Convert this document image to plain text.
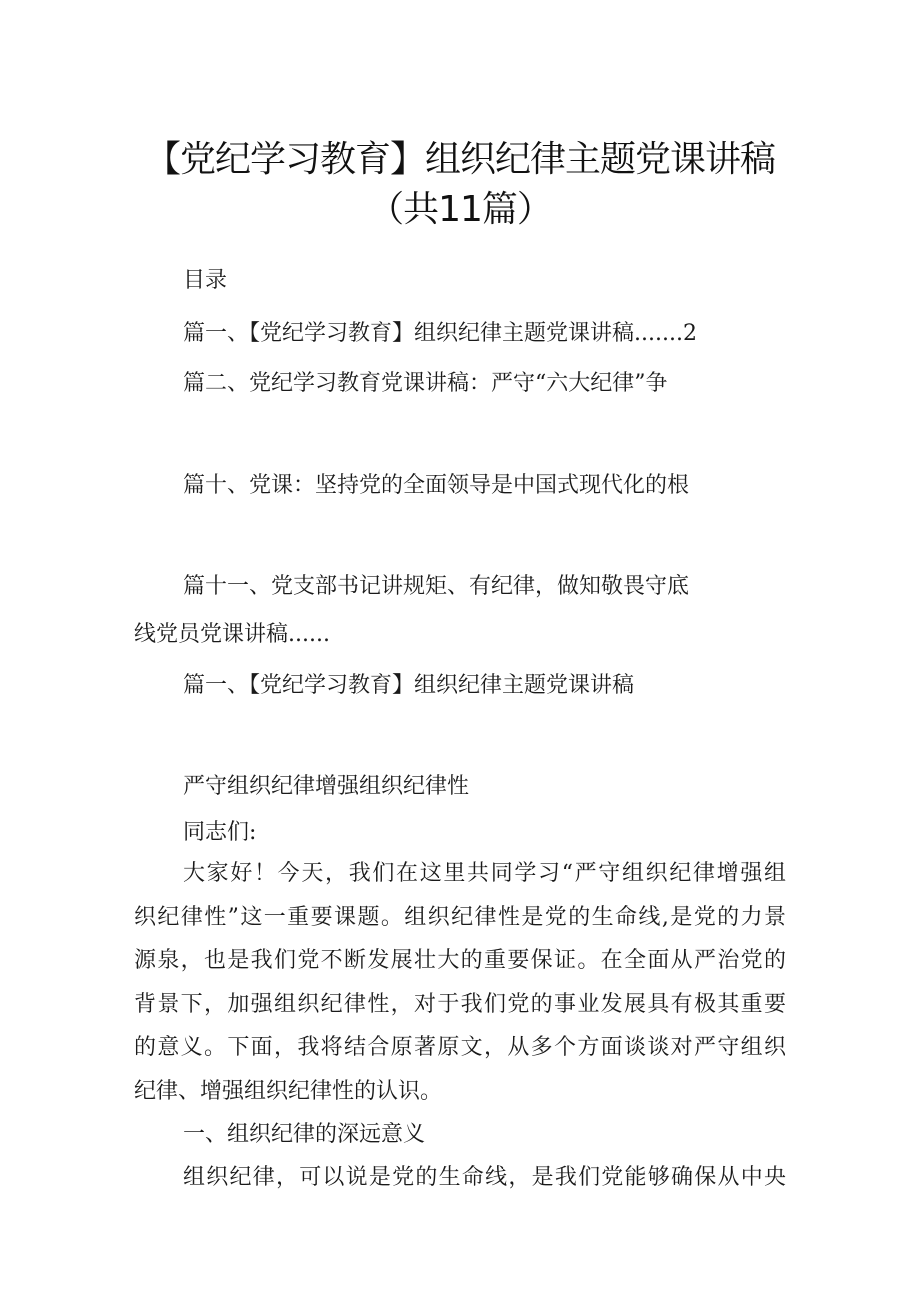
【党纪学习教育】组织纪律主题党课讲稿
（共11篇）
目录
篇一、【党纪学习教育】组织纪律主题党课讲稿.......2
篇二、党纪学习教育党课讲稿：严守“六大纪律”争
篇十、党课：坚持党的全面领导是中国式现代化的根
篇十一、党支部书记讲规矩、有纪律，做知敬畏守底
线党员党课讲稿......
篇一、【党纪学习教育】组织纪律主题党课讲稿
严守组织纪律增强组织纪律性
同志们:
大家好！今天，我们在这里共同学习“严守组织纪律增强组
织纪律性”这一重要课题。组织纪律性是党的生命线,是党的力景
源泉，也是我们党不断发展壮大的重要保证。在全面从严治党的
背景下，加强组织纪律性，对于我们党的事业发展具有极其重要
的意义。下面，我将结合原著原文，从多个方面谈谈对严守组织
纪律、增强组织纪律性的认识。
一、组织纪律的深远意义
组织纪律，可以说是党的生命线，是我们党能够确保从中央
